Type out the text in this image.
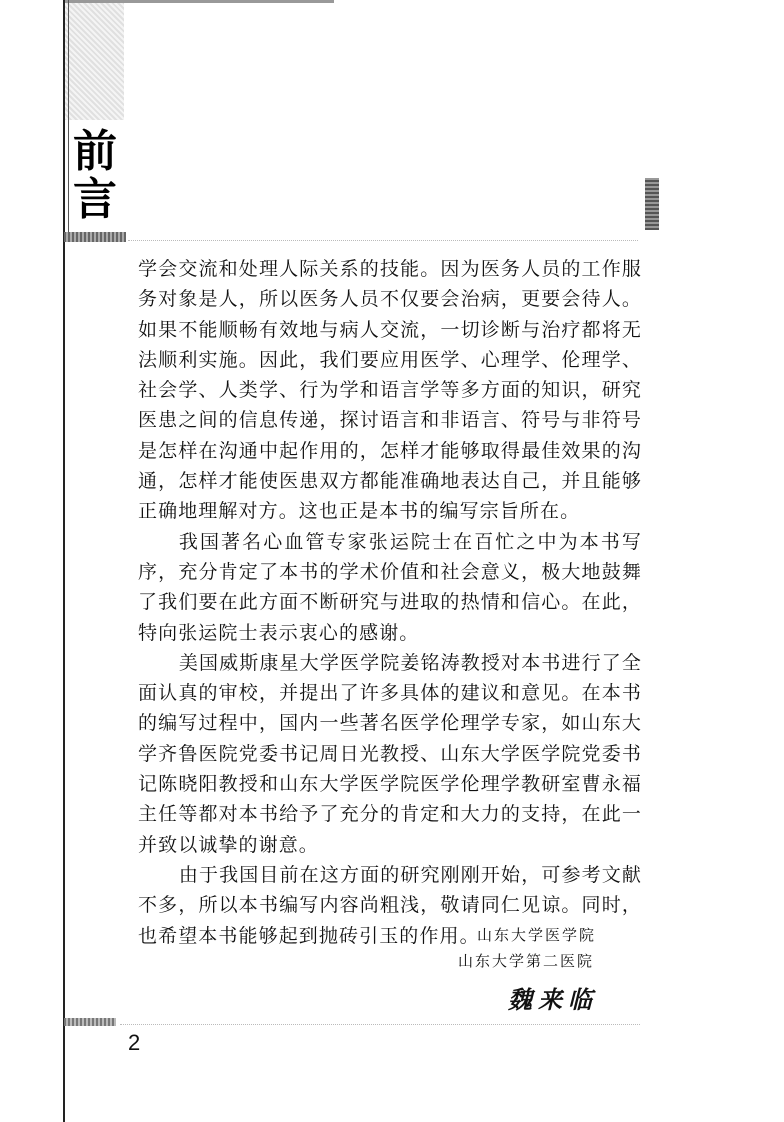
前
言

学会交流和处理人际关系的技能。因为医务人员的工作服务对象是人，所以医务人员不仅要会治病，更要会待人。如果不能顺畅有效地与病人交流，一切诊断与治疗都将无法顺利实施。因此，我们要应用医学、心理学、伦理学、社会学、人类学、行为学和语言学等多方面的知识，研究医患之间的信息传递，探讨语言和非语言、符号与非符号是怎样在沟通中起作用的，怎样才能够取得最佳效果的沟通，怎样才能使医患双方都能准确地表达自己，并且能够正确地理解对方。这也正是本书的编写宗旨所在。

我国著名心血管专家张运院士在百忙之中为本书写序，充分肯定了本书的学术价值和社会意义，极大地鼓舞了我们要在此方面不断研究与进取的热情和信心。在此，特向张运院士表示衷心的感谢。

美国威斯康星大学医学院姜铭涛教授对本书进行了全面认真的审校，并提出了许多具体的建议和意见。在本书的编写过程中，国内一些著名医学伦理学专家，如山东大学齐鲁医院党委书记周日光教授、山东大学医学院党委书记陈晓阳教授和山东大学医学院医学伦理学教研室曹永福主任等都对本书给予了充分的肯定和大力的支持，在此一并致以诚挚的谢意。

由于我国目前在这方面的研究刚刚开始，可参考文献不多，所以本书编写内容尚粗浅，敬请同仁见谅。同时，也希望本书能够起到抛砖引玉的作用。

山东大学医学院
山东大学第二医院
魏来临
2
